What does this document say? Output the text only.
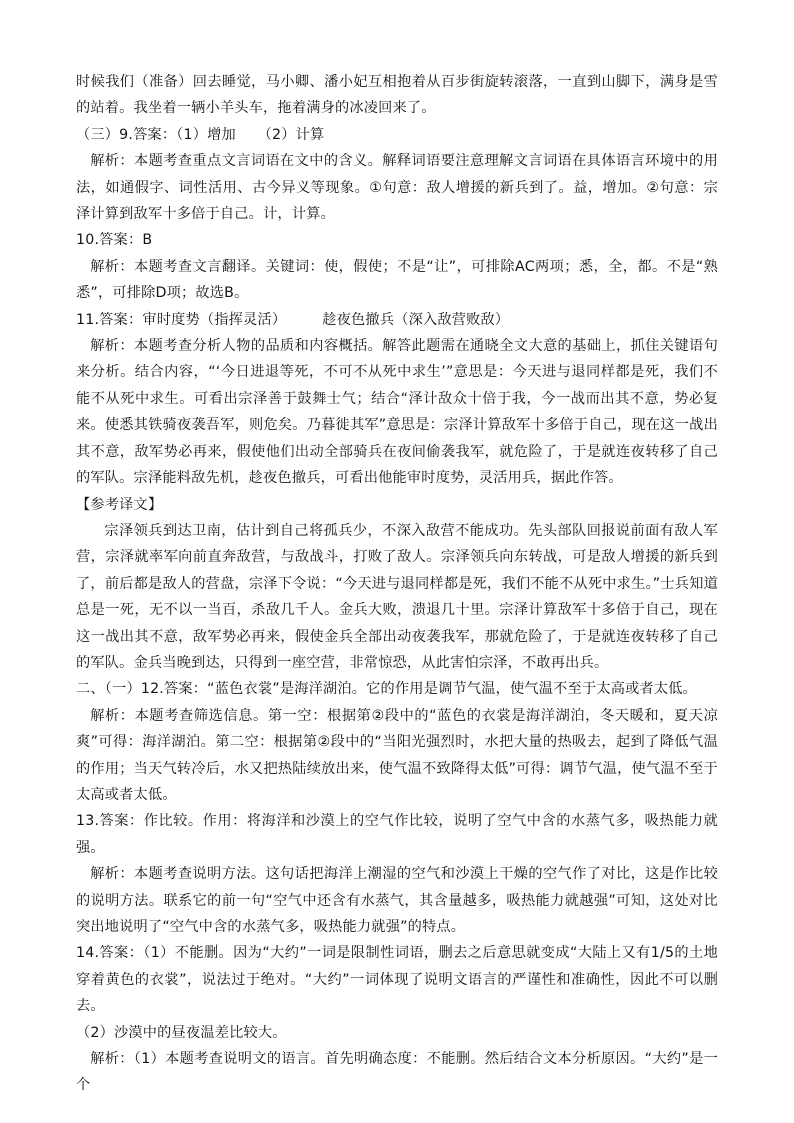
时候我们（准备）回去睡觉，马小卿、潘小妃互相抱着从百步街旋转滚落，一直到山脚下，满身是雪的站着。我坐着一辆小羊头车，拖着满身的冰凌回来了。

（三）9.答案：（1）增加　　（2）计算

解析：本题考查重点文言词语在文中的含义。解释词语要注意理解文言词语在具体语言环境中的用法，如通假字、词性活用、古今异义等现象。①句意：敌人增援的新兵到了。益，增加。②句意：宗泽计算到敌军十多倍于自己。计，计算。

10.答案：B

解析：本题考查文言翻译。关键词：使，假使；不是“让”，可排除AC两项；悉，全，都。不是“熟悉”，可排除D项；故选B。

11.答案：审时度势（指挥灵活）　　　趁夜色撤兵（深入敌营败敌）

解析：本题考查分析人物的品质和内容概括。解答此题需在通晓全文大意的基础上，抓住关键语句来分析。结合内容，“‘今日进退等死，不可不从死中求生’”意思是：今天进与退同样都是死，我们不能不从死中求生。可看出宗泽善于鼓舞士气；结合“泽计敌众十倍于我，今一战而出其不意，势必复来。使悉其铁骑夜袭吾军，则危矣。乃暮徙其军”意思是：宗泽计算敌军十多倍于自己，现在这一战出其不意，敌军势必再来，假使他们出动全部骑兵在夜间偷袭我军，就危险了，于是就连夜转移了自己的军队。宗泽能料敌先机，趁夜色撤兵，可看出他能审时度势，灵活用兵，据此作答。

【参考译文】

宗泽领兵到达卫南，估计到自己将孤兵少，不深入敌营不能成功。先头部队回报说前面有敌人军营，宗泽就率军向前直奔敌营，与敌战斗，打败了敌人。宗泽领兵向东转战，可是敌人增援的新兵到了，前后都是敌人的营盘，宗泽下令说：“今天进与退同样都是死，我们不能不从死中求生。”士兵知道总是一死，无不以一当百，杀敌几千人。金兵大败，溃退几十里。宗泽计算敌军十多倍于自己，现在这一战出其不意，敌军势必再来，假使金兵全部出动夜袭我军，那就危险了，于是就连夜转移了自己的军队。金兵当晚到达，只得到一座空营，非常惊恐，从此害怕宗泽，不敢再出兵。

二、（一）12.答案：“蓝色衣裳”是海洋湖泊。它的作用是调节气温，使气温不至于太高或者太低。

解析：本题考查筛选信息。第一空：根据第②段中的“蓝色的衣裳是海洋湖泊，冬天暖和，夏天凉爽”可得：海洋湖泊。第二空：根据第②段中的“当阳光强烈时，水把大量的热吸去，起到了降低气温的作用；当天气转冷后，水又把热陆续放出来，使气温不致降得太低”可得：调节气温，使气温不至于太高或者太低。

13.答案：作比较。作用：将海洋和沙漠上的空气作比较，说明了空气中含的水蒸气多，吸热能力就强。

解析：本题考查说明方法。这句话把海洋上潮湿的空气和沙漠上干燥的空气作了对比，这是作比较的说明方法。联系它的前一句“空气中还含有水蒸气，其含量越多，吸热能力就越强”可知，这处对比突出地说明了“空气中含的水蒸气多，吸热能力就强”的特点。

14.答案：（1）不能删。因为“大约”一词是限制性词语，删去之后意思就变成“大陆上又有1/5的土地穿着黄色的衣裳”，说法过于绝对。“大约”一词体现了说明文语言的严谨性和准确性，因此不可以删去。

（2）沙漠中的昼夜温差比较大。

解析：（1）本题考查说明文的语言。首先明确态度：不能删。然后结合文本分析原因。“大约”是一个
